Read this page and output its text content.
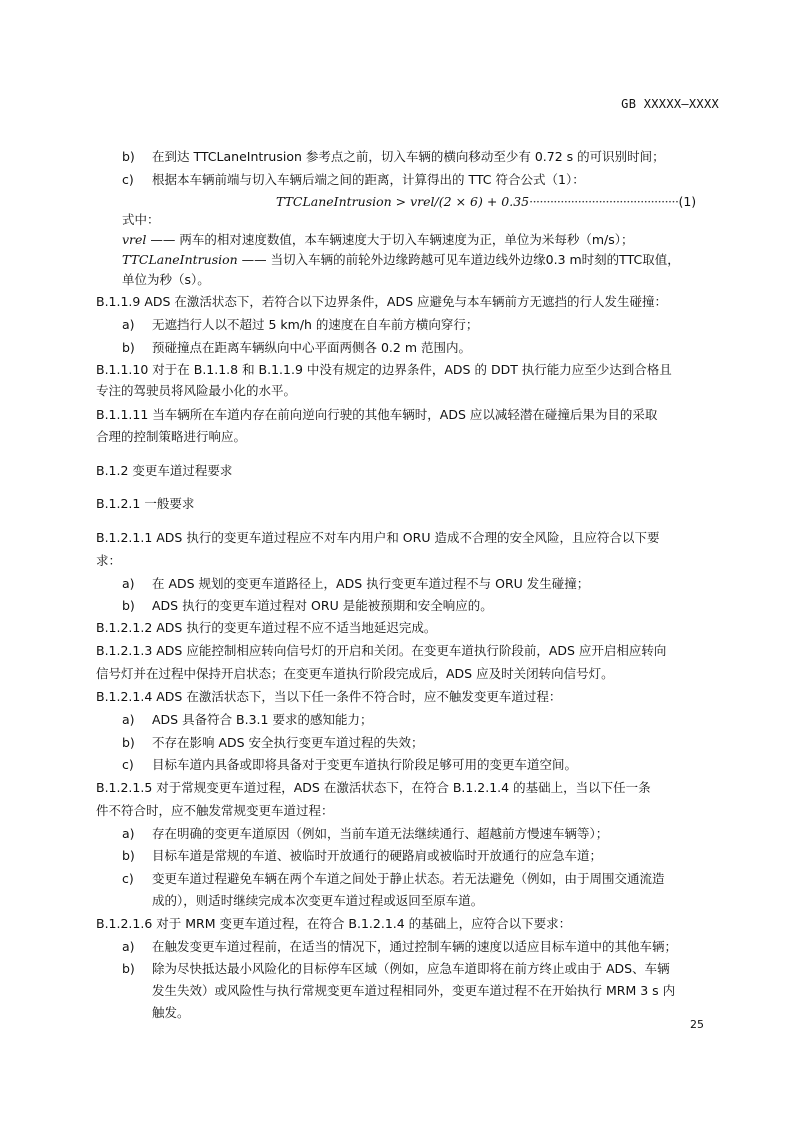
GB XXXXX—XXXX
b) 在到达 TTCLaneIntrusion 参考点之前，切入车辆的横向移动至少有 0.72 s 的可识别时间；
c) 根据本车辆前端与切入车辆后端之间的距离，计算得出的 TTC 符合公式（1）：
TTCLaneIntrusion > vrel/(2 × 6) + 0.35···········································(1)
式中：
vrel —— 两车的相对速度数值，本车辆速度大于切入车辆速度为正，单位为米每秒（m/s）；
TTCLaneIntrusion —— 当切入车辆的前轮外边缘跨越可见车道边线外边缘0.3 m时刻的TTC取值，
单位为秒（s）。
B.1.1.9 ADS 在激活状态下，若符合以下边界条件，ADS 应避免与本车辆前方无遮挡的行人发生碰撞：
a) 无遮挡行人以不超过 5 km/h 的速度在自车前方横向穿行；
b) 预碰撞点在距离车辆纵向中心平面两侧各 0.2 m 范围内。
B.1.1.10 对于在 B.1.1.8 和 B.1.1.9 中没有规定的边界条件，ADS 的 DDT 执行能力应至少达到合格且
专注的驾驶员将风险最小化的水平。
B.1.1.11 当车辆所在车道内存在前向逆向行驶的其他车辆时，ADS 应以减轻潜在碰撞后果为目的采取
合理的控制策略进行响应。
B.1.2 变更车道过程要求
B.1.2.1 一般要求
B.1.2.1.1 ADS 执行的变更车道过程应不对车内用户和 ORU 造成不合理的安全风险，且应符合以下要
求：
a) 在 ADS 规划的变更车道路径上，ADS 执行变更车道过程不与 ORU 发生碰撞；
b) ADS 执行的变更车道过程对 ORU 是能被预期和安全响应的。
B.1.2.1.2 ADS 执行的变更车道过程不应不适当地延迟完成。
B.1.2.1.3 ADS 应能控制相应转向信号灯的开启和关闭。在变更车道执行阶段前，ADS 应开启相应转向
信号灯并在过程中保持开启状态；在变更车道执行阶段完成后，ADS 应及时关闭转向信号灯。
B.1.2.1.4 ADS 在激活状态下，当以下任一条件不符合时，应不触发变更车道过程：
a) ADS 具备符合 B.3.1 要求的感知能力；
b) 不存在影响 ADS 安全执行变更车道过程的失效；
c) 目标车道内具备或即将具备对于变更车道执行阶段足够可用的变更车道空间。
B.1.2.1.5 对于常规变更车道过程，ADS 在激活状态下，在符合 B.1.2.1.4 的基础上，当以下任一条
件不符合时，应不触发常规变更车道过程：
a) 存在明确的变更车道原因（例如，当前车道无法继续通行、超越前方慢速车辆等）；
b) 目标车道是常规的车道、被临时开放通行的硬路肩或被临时开放通行的应急车道；
c) 变更车道过程避免车辆在两个车道之间处于静止状态。若无法避免（例如，由于周围交通流造
成的），则适时继续完成本次变更车道过程或返回至原车道。
B.1.2.1.6 对于 MRM 变更车道过程，在符合 B.1.2.1.4 的基础上，应符合以下要求：
a) 在触发变更车道过程前，在适当的情况下，通过控制车辆的速度以适应目标车道中的其他车辆；
b) 除为尽快抵达最小风险化的目标停车区域（例如，应急车道即将在前方终止或由于 ADS、车辆
发生失效）或风险性与执行常规变更车道过程相同外，变更车道过程不在开始执行 MRM 3 s 内
触发。
25
